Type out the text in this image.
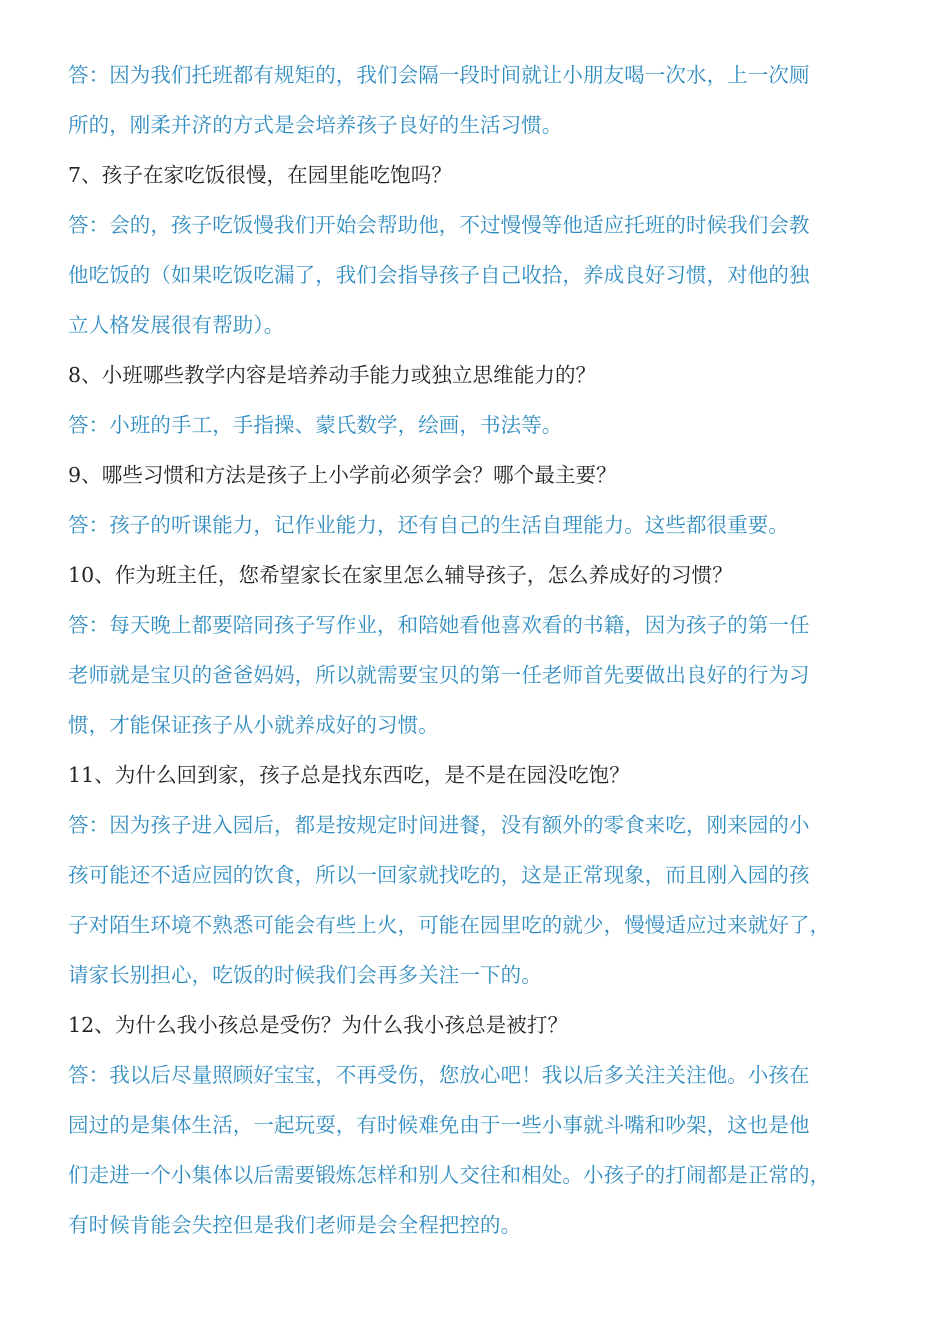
答：因为我们托班都有规矩的，我们会隔一段时间就让小朋友喝一次水，上一次厕
所的，刚柔并济的方式是会培养孩子良好的生活习惯。
7、孩子在家吃饭很慢，在园里能吃饱吗？
答：会的，孩子吃饭慢我们开始会帮助他，不过慢慢等他适应托班的时候我们会教
他吃饭的（如果吃饭吃漏了，我们会指导孩子自己收拾，养成良好习惯，对他的独
立人格发展很有帮助）。
8、小班哪些教学内容是培养动手能力或独立思维能力的？
答：小班的手工，手指操、蒙氏数学，绘画，书法等。
9、哪些习惯和方法是孩子上小学前必须学会？哪个最主要？
答：孩子的听课能力，记作业能力，还有自己的生活自理能力。这些都很重要。
10、作为班主任，您希望家长在家里怎么辅导孩子，怎么养成好的习惯？
答：每天晚上都要陪同孩子写作业，和陪她看他喜欢看的书籍，因为孩子的第一任
老师就是宝贝的爸爸妈妈，所以就需要宝贝的第一任老师首先要做出良好的行为习
惯，才能保证孩子从小就养成好的习惯。
11、为什么回到家，孩子总是找东西吃，是不是在园没吃饱？
答：因为孩子进入园后，都是按规定时间进餐，没有额外的零食来吃，刚来园的小
孩可能还不适应园的饮食，所以一回家就找吃的，这是正常现象，而且刚入园的孩
子对陌生环境不熟悉可能会有些上火，可能在园里吃的就少，慢慢适应过来就好了，
请家长别担心，吃饭的时候我们会再多关注一下的。
12、为什么我小孩总是受伤？为什么我小孩总是被打？
答：我以后尽量照顾好宝宝，不再受伤，您放心吧！我以后多关注关注他。小孩在
园过的是集体生活，一起玩耍，有时候难免由于一些小事就斗嘴和吵架，这也是他
们走进一个小集体以后需要锻炼怎样和别人交往和相处。小孩子的打闹都是正常的，
有时候肯能会失控但是我们老师是会全程把控的。
